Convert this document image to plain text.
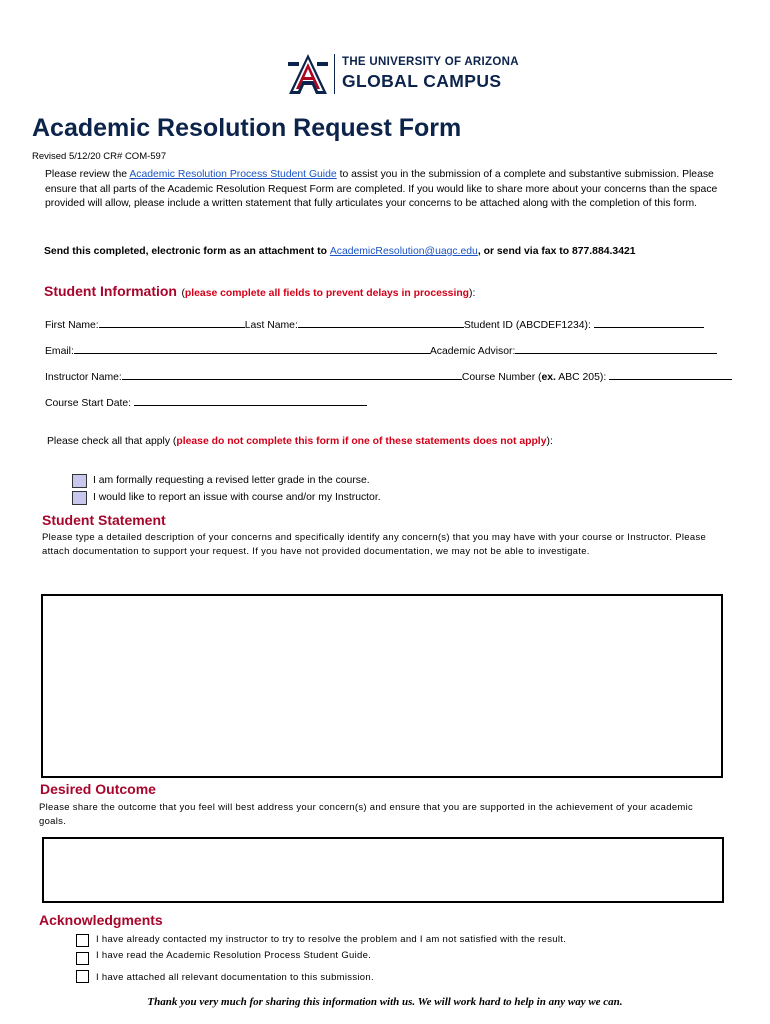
THE UNIVERSITY OF ARIZONA
GLOBAL CAMPUS
Academic Resolution Request Form
Revised 5/12/20 CR# COM-597
Please review the Academic Resolution Process Student Guide to assist you in the submission of a complete and substantive submission. Please ensure that all parts of the Academic Resolution Request Form are completed. If you would like to share more about your concerns than the space provided will allow, please include a written statement that fully articulates your concerns to be attached along with the completion of this form.
Send this completed, electronic form as an attachment to AcademicResolution@uagc.edu, or send via fax to 877.884.3421
Student Information (please complete all fields to prevent delays in processing):
First Name:	Last Name:	Student ID (ABCDEF1234):
Email:	Academic Advisor:
Instructor Name:	Course Number (ex. ABC 205):
Course Start Date:
Please check all that apply (please do not complete this form if one of these statements does not apply):
I am formally requesting a revised letter grade in the course.
I would like to report an issue with course and/or my Instructor.
Student Statement
Please type a detailed description of your concerns and specifically identify any concern(s) that you may have with your course or Instructor. Please attach documentation to support your request. If you have not provided documentation, we may not be able to investigate.
Desired Outcome
Please share the outcome that you feel will best address your concern(s) and ensure that you are supported in the achievement of your academic goals.
Acknowledgments
I have already contacted my instructor to try to resolve the problem and I am not satisfied with the result.
I have read the Academic Resolution Process Student Guide.
I have attached all relevant documentation to this submission.
Thank you very much for sharing this information with us. We will work hard to help in any way we can.
